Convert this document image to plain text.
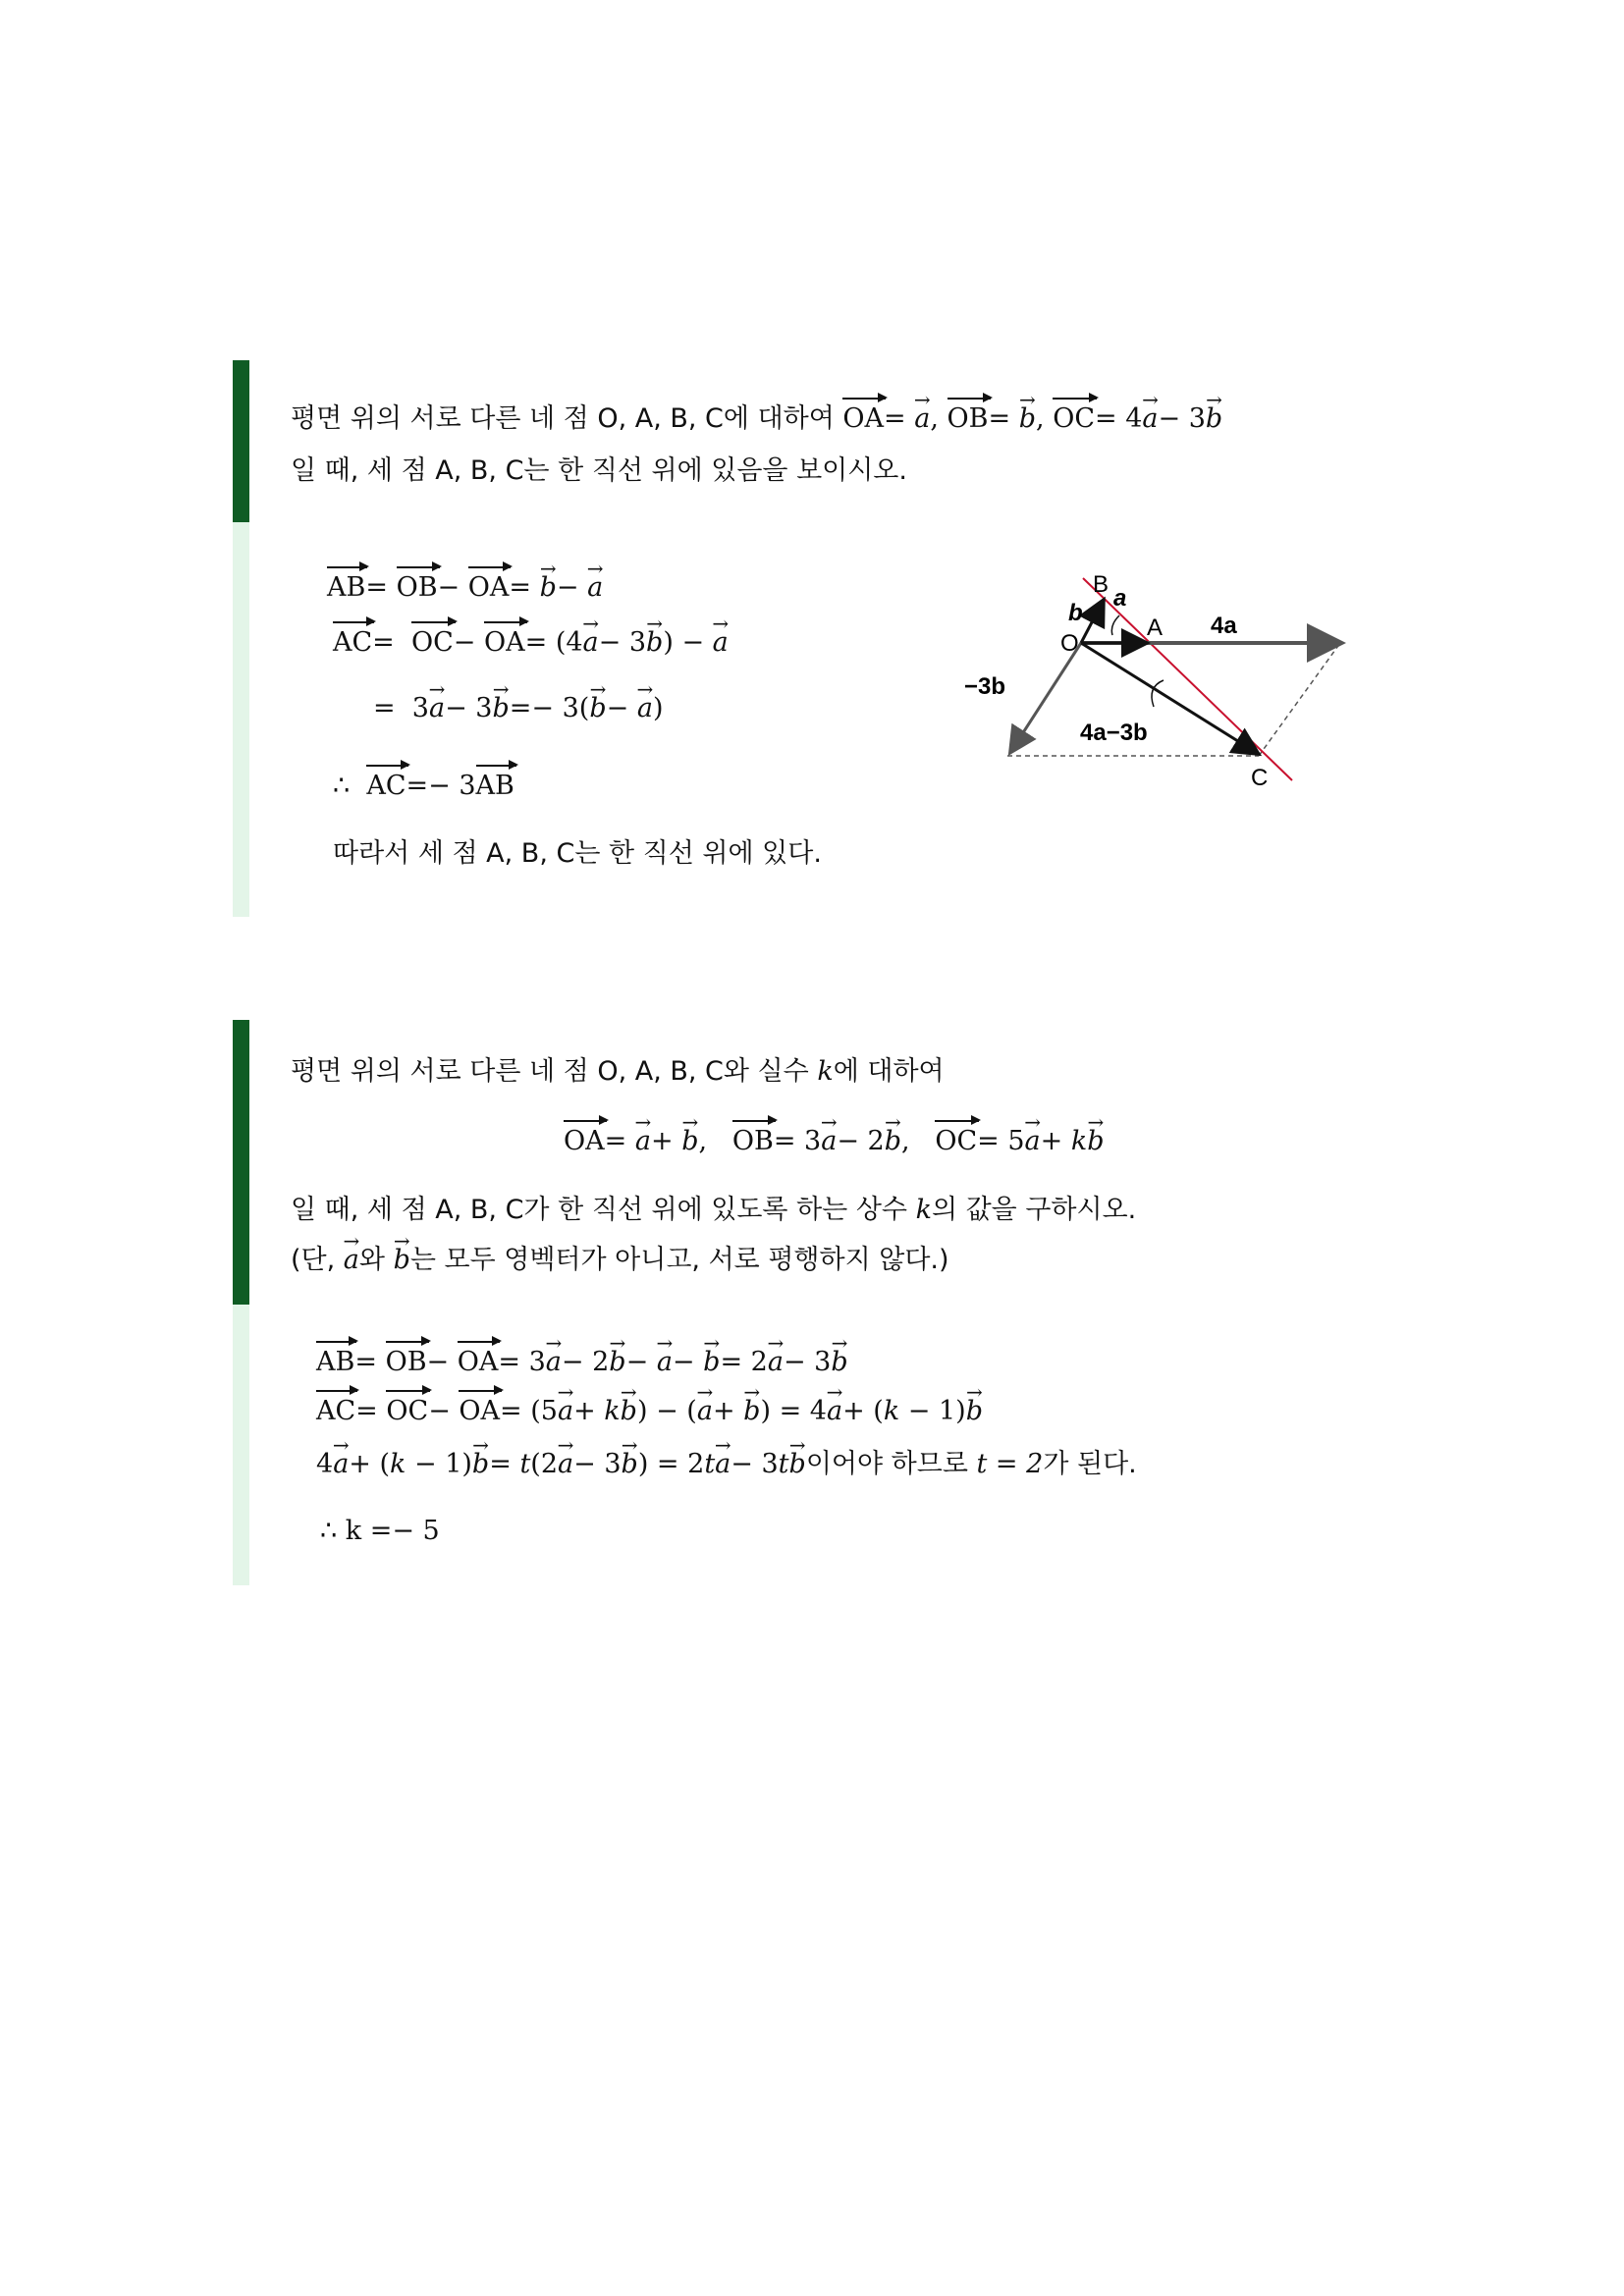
평면 위의 서로 다른 네 점 O, A, B, C에 대하여 OA= → a, OB= → b, OC= 4→ a− 3→ b
일 때, 세 점 A, B, C는 한 직선 위에 있음을 보이시오.
AB= OB− OA= → b− → a
AC=  OC− OA= (4→ a− 3→ b) − → a
=  3→ a− 3→ b=− 3(→ b− → a)
∴  AC=− 3AB
따라서 세 점 A, B, C는 한 직선 위에 있다.
O
A
B
C
b
a
4a
−3b
4a−3b
평면 위의 서로 다른 네 점 O, A, B, C와 실수 k에 대하여
OA= → a+ → b,   OB= 3→ a− 2→ b,   OC= 5→ a+ k→ b
일 때, 세 점 A, B, C가 한 직선 위에 있도록 하는 상수 k의 값을 구하시오.
(단, → a와 → b는 모두 영벡터가 아니고, 서로 평행하지 않다.)
AB= OB− OA= 3→ a− 2→ b− → a− → b= 2→ a− 3→ b
AC= OC− OA= (5→ a+ k→ b) − (→ a+ → b) = 4→ a+ (k − 1)→ b
4→ a+ (k − 1)→ b= t(2→ a− 3→ b) = 2t→ a− 3t→ b이어야 하므로 t = 2가 된다.
∴ k =− 5
